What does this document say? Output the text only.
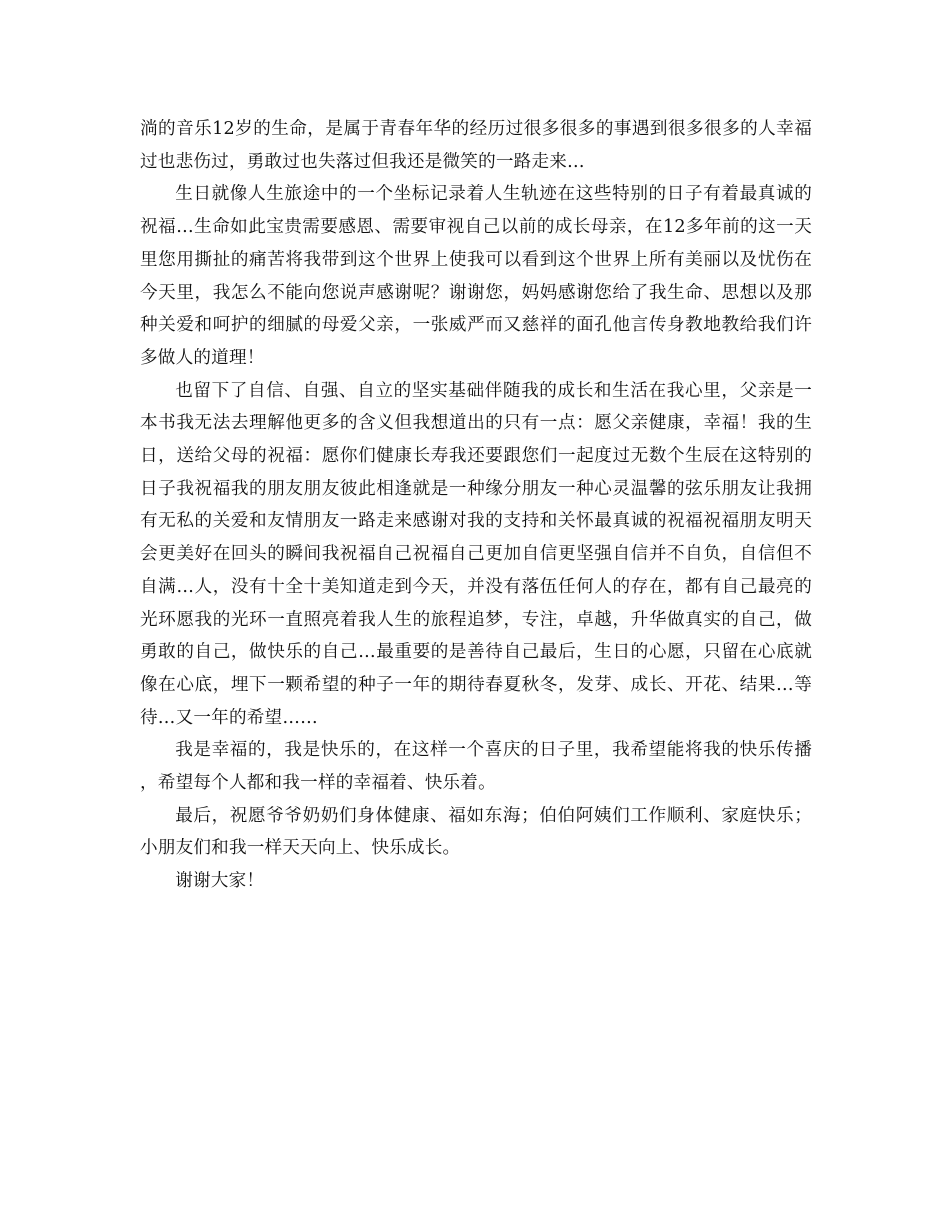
淌的音乐12岁的生命，是属于青春年华的经历过很多很多的事遇到很多很多的人幸福过也悲伤过，勇敢过也失落过但我还是微笑的一路走来…

生日就像人生旅途中的一个坐标记录着人生轨迹在这些特别的日子有着最真诚的祝福…生命如此宝贵需要感恩、需要审视自己以前的成长母亲，在12多年前的这一天里您用撕扯的痛苦将我带到这个世界上使我可以看到这个世界上所有美丽以及忧伤在今天里，我怎么不能向您说声感谢呢？谢谢您，妈妈感谢您给了我生命、思想以及那种关爱和呵护的细腻的母爱父亲，一张威严而又慈祥的面孔他言传身教地教给我们许多做人的道理！

也留下了自信、自强、自立的坚实基础伴随我的成长和生活在我心里，父亲是一本书我无法去理解他更多的含义但我想道出的只有一点：愿父亲健康，幸福！我的生日，送给父母的祝福：愿你们健康长寿我还要跟您们一起度过无数个生辰在这特别的日子我祝福我的朋友朋友彼此相逢就是一种缘分朋友一种心灵温馨的弦乐朋友让我拥有无私的关爱和友情朋友一路走来感谢对我的支持和关怀最真诚的祝福祝福朋友明天会更美好在回头的瞬间我祝福自己祝福自己更加自信更坚强自信并不自负，自信但不自满…人，没有十全十美知道走到今天，并没有落伍任何人的存在，都有自己最亮的光环愿我的光环一直照亮着我人生的旅程追梦，专注，卓越，升华做真实的自己，做勇敢的自己，做快乐的自己…最重要的是善待自己最后，生日的心愿，只留在心底就像在心底，埋下一颗希望的种子一年的期待春夏秋冬，发芽、成长、开花、结果…等待…又一年的希望……

我是幸福的，我是快乐的，在这样一个喜庆的日子里，我希望能将我的快乐传播，希望每个人都和我一样的幸福着、快乐着。

最后，祝愿爷爷奶奶们身体健康、福如东海；伯伯阿姨们工作顺利、家庭快乐；小朋友们和我一样天天向上、快乐成长。

谢谢大家！
